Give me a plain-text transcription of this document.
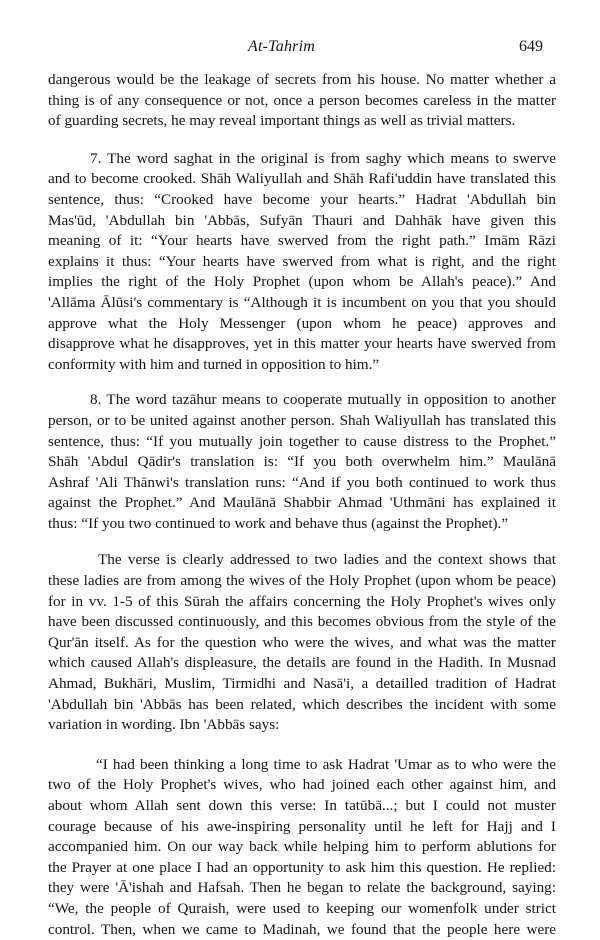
At-Tahrim	649

dangerous would be the leakage of secrets from his house. No matter whether a
thing is of any consequence or not, once a person becomes careless in the matter
of guarding secrets, he may reveal important things as well as trivial matters.

7. The word saghat in the original is from saghy which means to swerve
and to become crooked. Shāh Waliyullah and Shāh Rafi'uddin have translated this
sentence, thus: “Crooked have become your hearts.” Hadrat 'Abdullah bin
Mas'ūd, 'Abdullah bin 'Abbās, Sufyān Thauri and Dahhāk have given this
meaning of it: “Your hearts have swerved from the right path.” Imām Rāzi
explains it thus: “Your hearts have swerved from what is right, and the right
implies the right of the Holy Prophet (upon whom be Allah's peace).” And
'Allāma Ālūsi's commentary is “Although it is incumbent on you that you should
approve what the Holy Messenger (upon whom he peace) approves and
disapprove what he disapproves, yet in this matter your hearts have swerved from
conformity with him and turned in opposition to him.”

8. The word tazāhur means to cooperate mutually in opposition to another
person, or to be united against another person. Shah Waliyullah has translated this
sentence, thus: “If you mutually join together to cause distress to the Prophet.”
Shāh 'Abdul Qādir's translation is: “If you both overwhelm him.” Maulānā
Ashraf 'Ali Thānwi's translation runs: “And if you both continued to work thus
against the Prophet.” And Maulānā Shabbir Ahmad 'Uthmāni has explained it
thus: “If you two continued to work and behave thus (against the Prophet).”

The verse is clearly addressed to two ladies and the context shows that
these ladies are from among the wives of the Holy Prophet (upon whom be peace)
for in vv. 1-5 of this Sūrah the affairs concerning the Holy Prophet's wives only
have been discussed continuously, and this becomes obvious from the style of the
Qur'ān itself. As for the question who were the wives, and what was the matter
which caused Allah's displeasure, the details are found in the Hadith. In Musnad
Ahmad, Bukhāri, Muslim, Tirmidhi and Nasā'i, a detailled tradition of Hadrat
'Abdullah bin 'Abbās has been related, which describes the incident with some
variation in wording. Ibn 'Abbās says:

“I had been thinking a long time to ask Hadrat 'Umar as to who were the
two of the Holy Prophet's wives, who had joined each other against him, and
about whom Allah sent down this verse: In tatūbā...; but I could not muster
courage because of his awe-inspiring personality until he left for Hajj and I
accompanied him. On our way back while helping him to perform ablutions for
the Prayer at one place I had an opportunity to ask him this question. He replied:
they were 'Ā'ishah and Hafsah. Then he began to relate the background, saying:
“We, the people of Quraish, were used to keeping our womenfolk under strict
control. Then, when we came to Madinah, we found that the people here were
